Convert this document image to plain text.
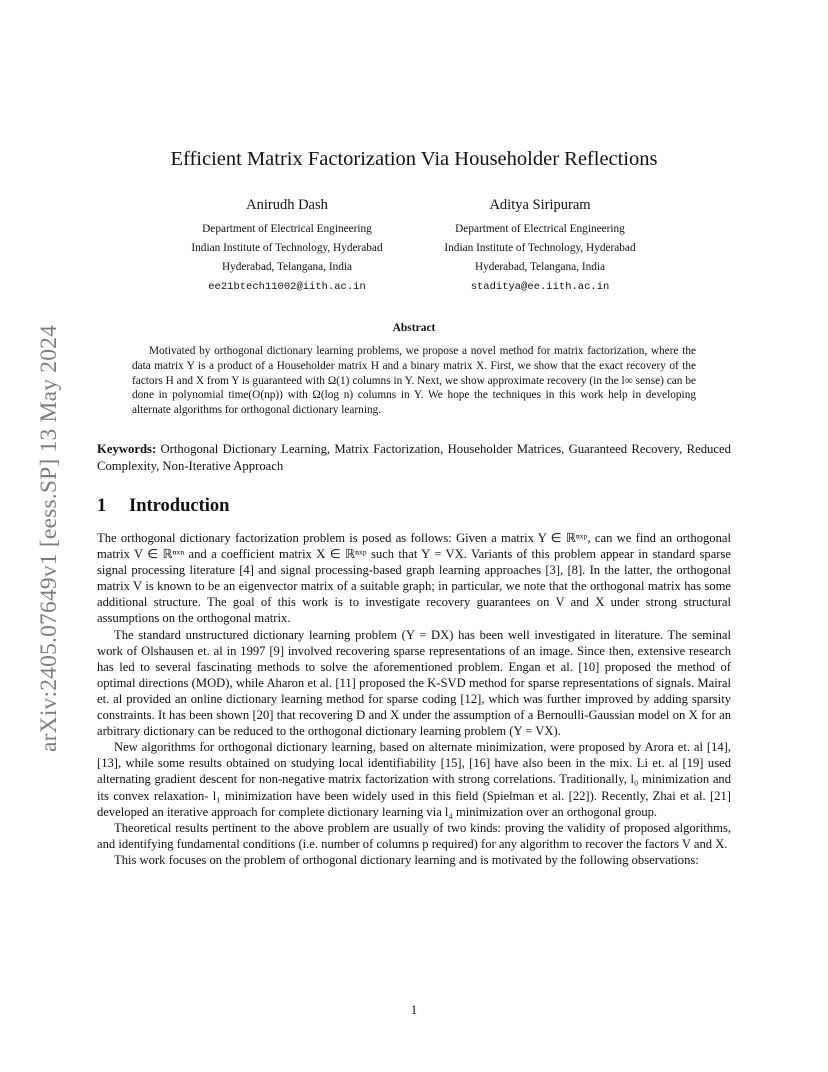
arXiv:2405.07649v1 [eess.SP] 13 May 2024
Efficient Matrix Factorization Via Householder Reflections
Anirudh Dash
Department of Electrical Engineering
Indian Institute of Technology, Hyderabad
Hyderabad, Telangana, India
ee21btech11002@iith.ac.in
Aditya Siripuram
Department of Electrical Engineering
Indian Institute of Technology, Hyderabad
Hyderabad, Telangana, India
staditya@ee.iith.ac.in
Abstract
Motivated by orthogonal dictionary learning problems, we propose a novel method for matrix factorization, where the data matrix Y is a product of a Householder matrix H and a binary matrix X. First, we show that the exact recovery of the factors H and X from Y is guaranteed with Ω(1) columns in Y. Next, we show approximate recovery (in the l∞ sense) can be done in polynomial time(O(np)) with Ω(log n) columns in Y. We hope the techniques in this work help in developing alternate algorithms for orthogonal dictionary learning.
Keywords: Orthogonal Dictionary Learning, Matrix Factorization, Householder Matrices, Guaranteed Recovery, Reduced Complexity, Non-Iterative Approach
1 Introduction

The orthogonal dictionary factorization problem is posed as follows: Given a matrix Y ∈ ℝⁿˣᵖ, can we find an orthogonal matrix V ∈ ℝⁿˣⁿ and a coefficient matrix X ∈ ℝⁿˣᵖ such that Y = VX. Variants of this problem appear in standard sparse signal processing literature [4] and signal processing-based graph learning approaches [3], [8]. In the latter, the orthogonal matrix V is known to be an eigenvector matrix of a suitable graph; in particular, we note that the orthogonal matrix has some additional structure. The goal of this work is to investigate recovery guarantees on V and X under strong structural assumptions on the orthogonal matrix.

The standard unstructured dictionary learning problem (Y = DX) has been well investigated in literature. The seminal work of Olshausen et. al in 1997 [9] involved recovering sparse representations of an image. Since then, extensive research has led to several fascinating methods to solve the aforementioned problem. Engan et al. [10] proposed the method of optimal directions (MOD), while Aharon et al. [11] proposed the K-SVD method for sparse representations of signals. Mairal et. al provided an online dictionary learning method for sparse coding [12], which was further improved by adding sparsity constraints. It has been shown [20] that recovering D and X under the assumption of a Bernoulli-Gaussian model on X for an arbitrary dictionary can be reduced to the orthogonal dictionary learning problem (Y = VX).

New algorithms for orthogonal dictionary learning, based on alternate minimization, were proposed by Arora et. al [14], [13], while some results obtained on studying local identifiability [15], [16] have also been in the mix. Li et. al [19] used alternating gradient descent for non-negative matrix factorization with strong correlations. Traditionally, l₀ minimization and its convex relaxation- l₁ minimization have been widely used in this field (Spielman et al. [22]). Recently, Zhai et al. [21] developed an iterative approach for complete dictionary learning via l₄ minimization over an orthogonal group.

Theoretical results pertinent to the above problem are usually of two kinds: proving the validity of proposed algorithms, and identifying fundamental conditions (i.e. number of columns p required) for any algorithm to recover the factors V and X.

This work focuses on the problem of orthogonal dictionary learning and is motivated by the following observations:

1
